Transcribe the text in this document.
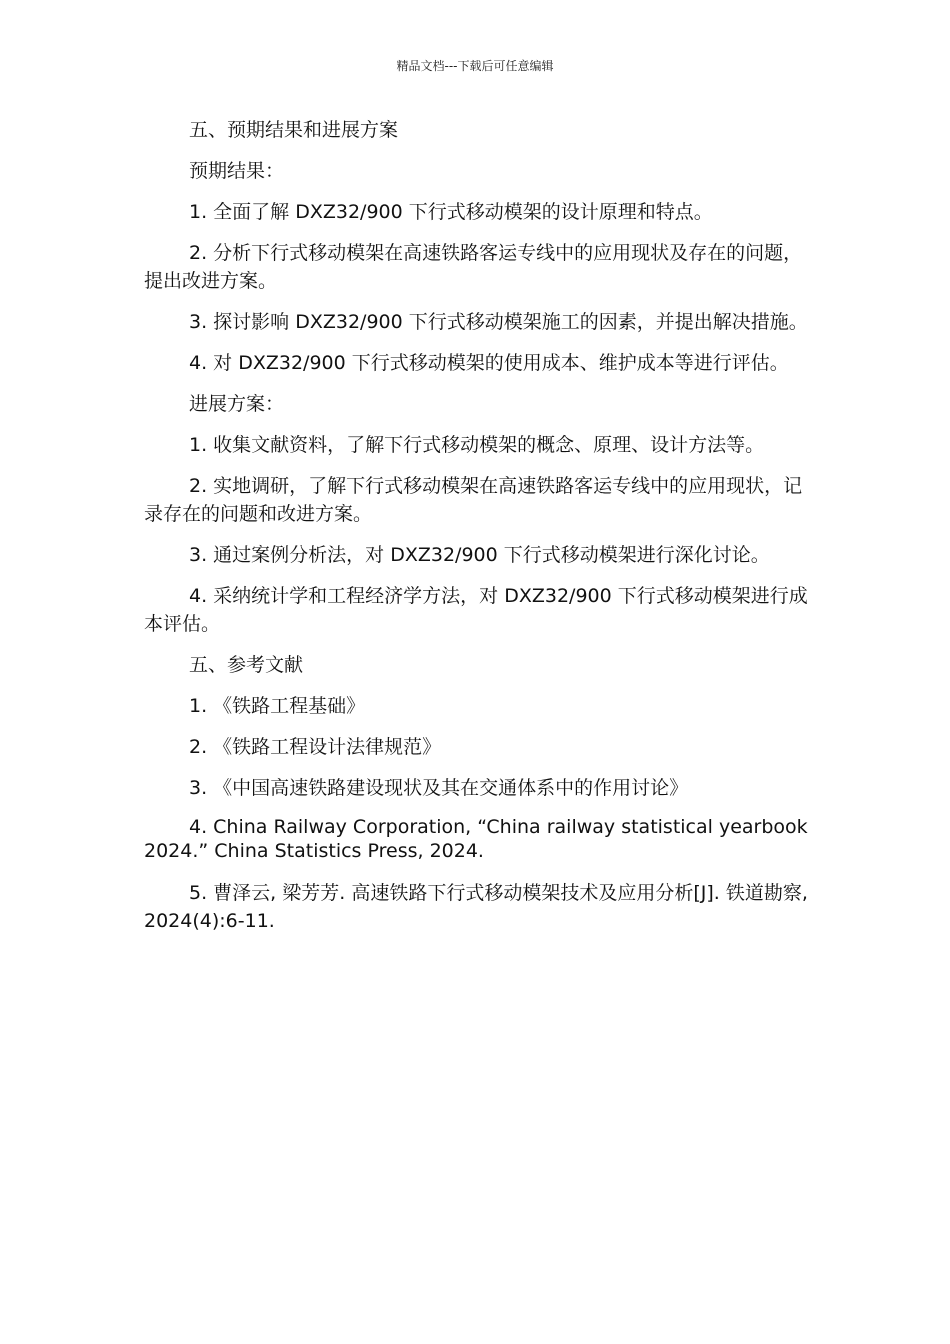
精品文档---下载后可任意编辑

五、预期结果和进展方案

预期结果：

1. 全面了解 DXZ32/900 下行式移动模架的设计原理和特点。

2. 分析下行式移动模架在高速铁路客运专线中的应用现状及存在的问题，提出改进方案。

3. 探讨影响 DXZ32/900 下行式移动模架施工的因素，并提出解决措施。

4. 对 DXZ32/900 下行式移动模架的使用成本、维护成本等进行评估。

进展方案：

1. 收集文献资料，了解下行式移动模架的概念、原理、设计方法等。

2. 实地调研，了解下行式移动模架在高速铁路客运专线中的应用现状，记录存在的问题和改进方案。

3. 通过案例分析法，对 DXZ32/900 下行式移动模架进行深化讨论。

4. 采纳统计学和工程经济学方法，对 DXZ32/900 下行式移动模架进行成本评估。

五、参考文献

1. 《铁路工程基础》

2. 《铁路工程设计法律规范》

3. 《中国高速铁路建设现状及其在交通体系中的作用讨论》

4. China Railway Corporation, “China railway statistical yearbook 2024.” China Statistics Press, 2024.

5. 曹泽云, 梁芳芳. 高速铁路下行式移动模架技术及应用分析[J]. 铁道勘察, 2024(4):6-11.
